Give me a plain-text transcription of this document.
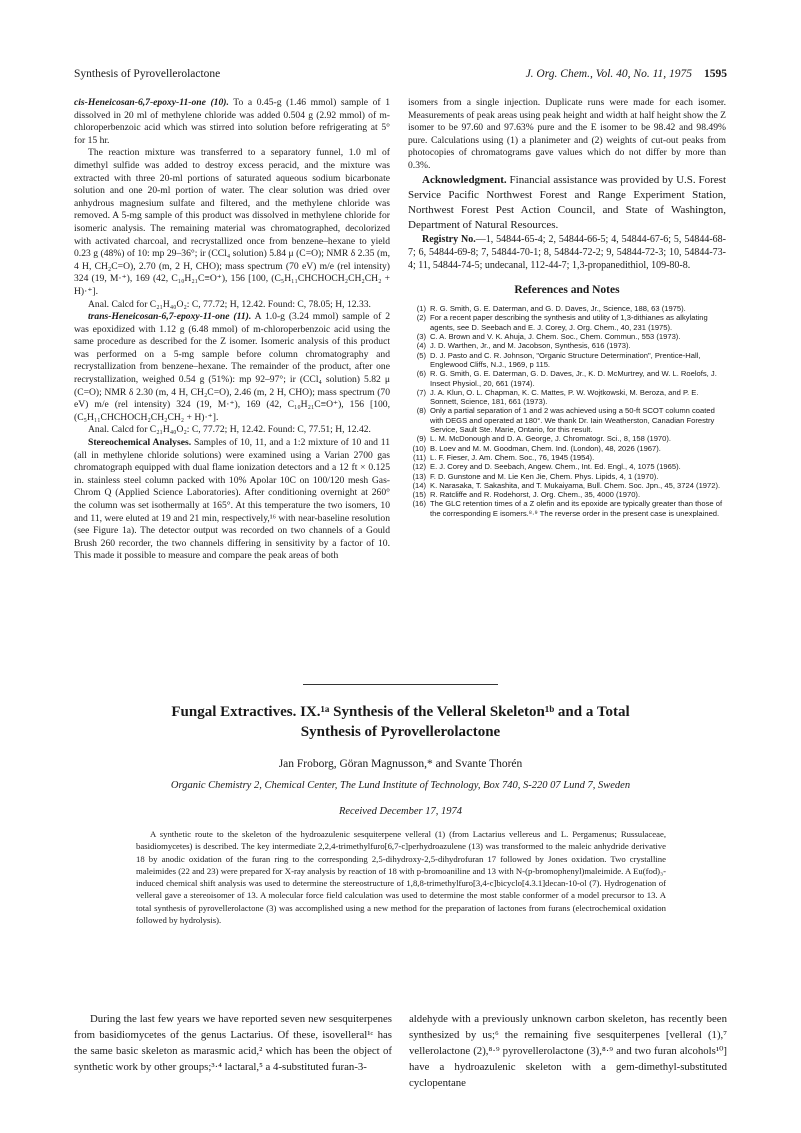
Synthesis of Pyrovellerolactone	J. Org. Chem., Vol. 40, No. 11, 1975 1595

cis-Heneicosan-6,7-epoxy-11-one (10). To a 0.45-g (1.46 mmol) sample of 1 dissolved in 20 ml of methylene chloride was added 0.504 g (2.92 mmol) of m-chloroperbenzoic acid which was stirred into solution before refrigerating at 5° for 15 hr.

The reaction mixture was transferred to a separatory funnel, 1.0 ml of dimethyl sulfide was added to destroy excess peracid, and the mixture was extracted with three 20-ml portions of saturated aqueous sodium bicarbonate solution and one 20-ml portion of water. The clear solution was dried over anhydrous magnesium sulfate and filtered, and the methylene chloride was removed. A 5-mg sample of this product was dissolved in methylene chloride for isomeric analysis. The remaining material was chromatographed, decolorized with activated charcoal, and recrystallized once from benzene–hexane to yield 0.23 g (48%) of 10: mp 29–36°; ir (CCl₄ solution) 5.84 μ (C=O); NMR δ 2.35 (m, 4 H, CH₂C=O), 2.70 (m, 2 H, CHO); mass spectrum (70 eV) m/e (rel intensity) 324 (19, M·⁺), 169 (42, C₁₀H₂₁C≡O⁺), 156 [100, (C₅H₁₁CHCHOCH₂CH₂CH₂ + H)·⁺].

Anal. Calcd for C₂₁H₄₀O₂: C, 77.72; H, 12.42. Found: C, 78.05; H, 12.33.

trans-Heneicosan-6,7-epoxy-11-one (11). A 1.0-g (3.24 mmol) sample of 2 was epoxidized with 1.12 g (6.48 mmol) of m-chloroperbenzoic acid using the same procedure as described for the Z isomer. Isomeric analysis of this product was performed on a 5-mg sample before column chromatography and recrystallization from benzene–hexane. The remainder of the product, after one recrystallization, weighed 0.54 g (51%): mp 92–97°; ir (CCl₄ solution) 5.82 μ (C=O); NMR δ 2.30 (m, 4 H, CH₂C=O), 2.46 (m, 2 H, CHO); mass spectrum (70 eV) m/e (rel intensity) 324 (19, M·⁺), 169 (42, C₁₀H₂₁C≡O⁺), 156 [100, (C₅H₁₁CHCHOCH₂CH₂CH₂ + H)·⁺].

Anal. Calcd for C₂₁H₄₀O₂: C, 77.72; H, 12.42. Found: C, 77.51; H, 12.42.

Stereochemical Analyses. Samples of 10, 11, and a 1:2 mixture of 10 and 11 (all in methylene chloride solutions) were examined using a Varian 2700 gas chromatograph equipped with dual flame ionization detectors and a 12 ft × 0.125 in. stainless steel column packed with 10% Apolar 10C on 100/120 mesh Gas-Chrom Q (Applied Science Laboratories). After conditioning overnight at 260° the column was set isothermally at 165°. At this temperature the two isomers, 10 and 11, were eluted at 19 and 21 min, respectively,¹⁶ with near-baseline resolution (see Figure 1a). The detector output was recorded on two channels of a Gould Brush 260 recorder, the two channels differing in sensitivity by a factor of 10. This made it possible to measure and compare the peak areas of both

isomers from a single injection. Duplicate runs were made for each isomer. Measurements of peak areas using peak height and width at half height show the Z isomer to be 97.60 and 97.63% pure and the E isomer to be 98.42 and 98.49% pure. Calculations using (1) a planimeter and (2) weights of cut-out peaks from photocopies of chromatograms gave values which do not differ by more than 0.3%.

Acknowledgment. Financial assistance was provided by U.S. Forest Service Pacific Northwest Forest and Range Experiment Station, Northwest Forest Pest Action Council, and State of Washington, Department of Natural Resources.

Registry No.—1, 54844-65-4; 2, 54844-66-5; 4, 54844-67-6; 5, 54844-68-7; 6, 54844-69-8; 7, 54844-70-1; 8, 54844-72-2; 9, 54844-72-3; 10, 54844-73-4; 11, 54844-74-5; undecanal, 112-44-7; 1,3-propanedithiol, 109-80-8.

References and Notes
(1) R. G. Smith, G. E. Daterman, and G. D. Daves, Jr., Science, 188, 63 (1975).
(2) For a recent paper describing the synthesis and utility of 1,3-dithianes as alkylating agents, see D. Seebach and E. J. Corey, J. Org. Chem., 40, 231 (1975).
(3) C. A. Brown and V. K. Ahuja, J. Chem. Soc., Chem. Commun., 553 (1973).
(4) J. D. Warthen, Jr., and M. Jacobson, Synthesis, 616 (1973).
(5) D. J. Pasto and C. R. Johnson, "Organic Structure Determination", Prentice-Hall, Englewood Cliffs, N.J., 1969, p 115.
(6) R. G. Smith, G. E. Daterman, G. D. Daves, Jr., K. D. McMurtrey, and W. L. Roelofs, J. Insect Physiol., 20, 661 (1974).
(7) J. A. Klun, O. L. Chapman, K. C. Mattes, P. W. Wojtkowski, M. Beroza, and P. E. Sonnett, Science, 181, 661 (1973).
(8) Only a partial separation of 1 and 2 was achieved using a 50-ft SCOT column coated with DEGS and operated at 180°. We thank Dr. Iain Weatherston, Canadian Forestry Service, Sault Ste. Marie, Ontario, for this result.
(9) L. M. McDonough and D. A. George, J. Chromatogr. Sci., 8, 158 (1970).
(10) B. Loev and M. M. Goodman, Chem. Ind. (London), 48, 2026 (1967).
(11) L. F. Fieser, J. Am. Chem. Soc., 76, 1945 (1954).
(12) E. J. Corey and D. Seebach, Angew. Chem., Int. Ed. Engl., 4, 1075 (1965).
(13) F. D. Gunstone and M. Lie Ken Jie, Chem. Phys. Lipids, 4, 1 (1970).
(14) K. Narasaka, T. Sakashita, and T. Mukaiyama, Bull. Chem. Soc. Jpn., 45, 3724 (1972).
(15) R. Ratcliffe and R. Rodehorst, J. Org. Chem., 35, 4000 (1970).
(16) The GLC retention times of a Z olefin and its epoxide are typically greater than those of the corresponding E isomers.⁸·⁹ The reverse order in the present case is unexplained.
Fungal Extractives. IX.¹ᵃ Synthesis of the Velleral Skeleton¹ᵇ and a Total
Synthesis of Pyrovellerolactone
Jan Froborg, Göran Magnusson,* and Svante Thorén
Organic Chemistry 2, Chemical Center, The Lund Institute of Technology, Box 740, S-220 07 Lund 7, Sweden
Received December 17, 1974

A synthetic route to the skeleton of the hydroazulenic sesquiterpene velleral (1) (from Lactarius vellereus and L. Pergamenus; Russulaceae, basidiomycetes) is described. The key intermediate 2,2,4-trimethylfuro[6,7-c]perhydroazulene (13) was transformed to the maleic anhydride derivative 18 by anodic oxidation of the furan ring to the corresponding 2,5-dihydroxy-2,5-dihydrofuran 17 followed by Jones oxidation. Two crystalline maleimides (22 and 23) were prepared for X-ray analysis by reaction of 18 with p-bromoaniline and 13 with N-(p-bromophenyl)maleimide. A Eu(fod)₃-induced chemical shift analysis was used to determine the stereostructure of 1,8,8-trimethylfuro[3,4-c]bicyclo[4.3.1]decan-10-ol (7). Hydrogenation of velleral gave a stereoisomer of 13. A molecular force field calculation was used to determine the most stable conformer of a model precursor to 13. A total synthesis of pyrovellerolactone (3) was accomplished using a new method for the preparation of lactones from furans (electrochemical oxidation followed by hydrolysis).

During the last few years we have reported seven new sesquiterpenes from basidiomycetes of the genus Lactarius. Of these, isovelleral¹ᶜ has the same basic skeleton as marasmic acid,² which has been the object of synthetic work by other groups;³·⁴ lactaral,⁵ a 4-substituted furan-3-

aldehyde with a previously unknown carbon skeleton, has recently been synthesized by us;⁶ the remaining five sesquiterpenes [velleral (1),⁷ vellerolactone (2),⁸·⁹ pyrovellerolactone (3),⁸·⁹ and two furan alcohols¹⁰] have a hydroazulenic skeleton with a gem-dimethyl-substituted cyclopentane
